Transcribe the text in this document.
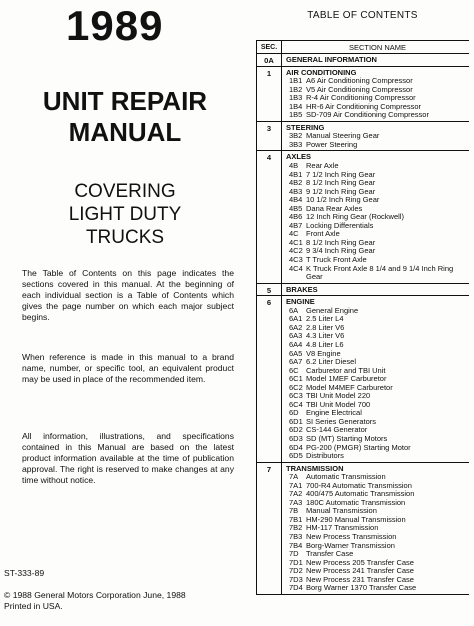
1989
UNIT REPAIR
MANUAL
COVERING
LIGHT DUTY
TRUCKS
The Table of Contents on this page indicates the sections covered in this manual. At the beginning of each individual section is a Table of Contents which gives the page number on which each major subject begins.
When reference is made in this manual to a brand name, number, or specific tool, an equivalent product may be used in place of the recommended item.
All information, illustrations, and specifications contained in this Manual are based on the latest product information available at the time of publication approval. The right is reserved to make changes at any time without notice.
ST-333-89
© 1988 General Motors Corporation June, 1988
Printed in USA.
TABLE OF CONTENTS
SEC.	SECTION NAME
0A	GENERAL INFORMATION
1	AIR CONDITIONING
1B1 A6 Air Conditioning Compressor
1B2 V5 Air Conditioning Compressor
1B3 R-4 Air Conditioning Compressor
1B4 HR-6 Air Conditioning Compressor
1B5 SD-709 Air Conditioning Compressor
3	STEERING
3B2 Manual Steering Gear
3B3 Power Steering
4	AXLES
4B	Rear Axle
4B1 7 1/2 Inch Ring Gear
4B2 8 1/2 Inch Ring Gear
4B3 9 1/2 Inch Ring Gear
4B4 10 1/2 Inch Ring Gear
4B5 Dana Rear Axles
4B6 12 Inch Ring Gear (Rockwell)
4B7 Locking Differentials
4C Front Axle
4C1 8 1/2 Inch Ring Gear
4C2 9 3/4 Inch Ring Gear
4C3 T Truck Front Axle
4C4 K Truck Front Axle 8 1/4 and 9 1/4 Inch Ring Gear
5	BRAKES
6	ENGINE
6A	General Engine
6A1 2.5 Liter L4
6A2 2.8 Liter V6
6A3 4.3 Liter V6
6A4 4.8 Liter L6
6A5 V8 Engine
6A7 6.2 Liter Diesel
6C Carburetor and TBI Unit
6C1 Model 1MEF Carburetor
6C2 Model M4MEF Carburetor
6C3 TBI Unit Model 220
6C4 TBI Unit Model 700
6D Engine Electrical
6D1 SI Series Generators
6D2 CS-144 Generator
6D3 SD (MT) Starting Motors
6D4 PG-200 (PMGR) Starting Motor
6D5 Distributors
7	TRANSMISSION
7A	Automatic Transmission
7A1 700-R4 Automatic Transmission
7A2 400/475 Automatic Transmission
7A3 180C Automatic Transmission
7B	Manual Transmission
7B1 HM-290 Manual Transmission
7B2 HM-117 Transmission
7B3 New Process Transmission
7B4 Borg-Warner Transmission
7D Transfer Case
7D1 New Process 205 Transfer Case
7D2 New Process 241 Transfer Case
7D3 New Process 231 Transfer Case
7D4 Borg Warner 1370 Transfer Case
